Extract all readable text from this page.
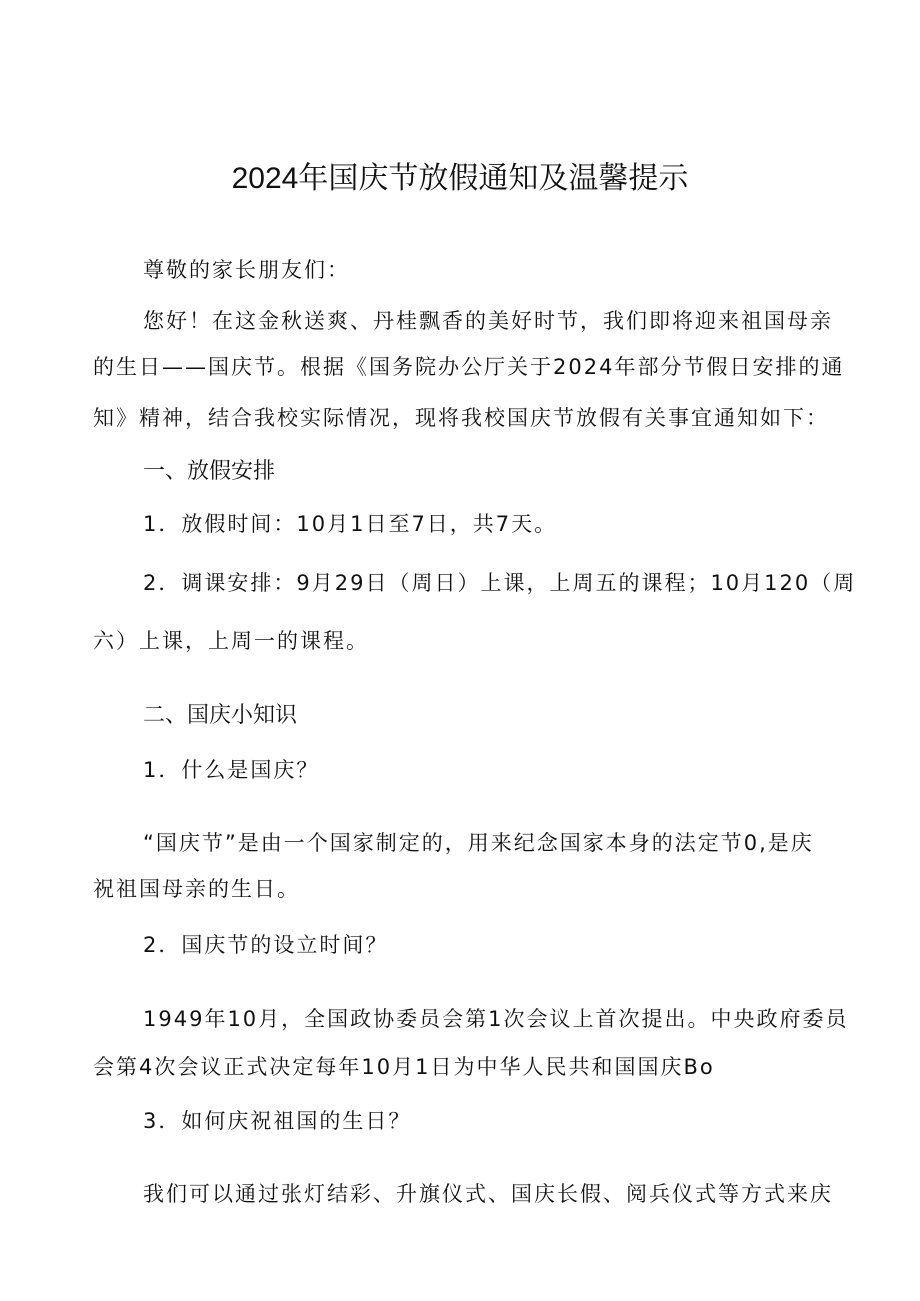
2024年国庆节放假通知及温馨提示
尊敬的家长朋友们：
您好！在这金秋送爽、丹桂飘香的美好时节，我们即将迎来祖国母亲
的生日——国庆节。根据《国务院办公厅关于2024年部分节假日安排的通
知》精神，结合我校实际情况，现将我校国庆节放假有关事宜通知如下：
一、放假安排
1．放假时间：10月1日至7日，共7天。
2．调课安排：9月29日（周日）上课，上周五的课程；10月120（周
六）上课，上周一的课程。
二、国庆小知识
1．什么是国庆？
“国庆节”是由一个国家制定的，用来纪念国家本身的法定节0,是庆
祝祖国母亲的生日。
2．国庆节的设立时间？
1949年10月，全国政协委员会第1次会议上首次提出。中央政府委员
会第4次会议正式决定每年10月1日为中华人民共和国国庆Bo
3．如何庆祝祖国的生日？
我们可以通过张灯结彩、升旗仪式、国庆长假、阅兵仪式等方式来庆
